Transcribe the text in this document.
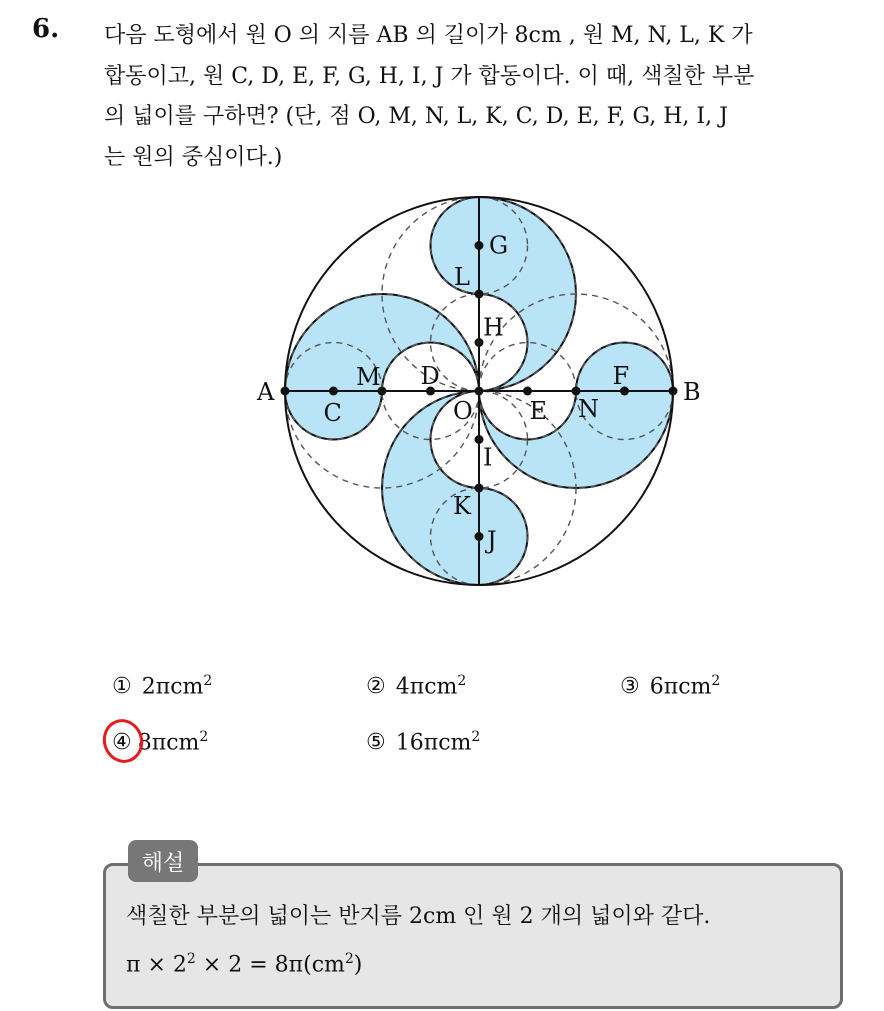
6. 다음 도형에서 원 O 의 지름 AB 의 길이가 8cm , 원 M, N, L, K 가
합동이고, 원 C, D, E, F, G, H, I, J 가 합동이다. 이 때, 색칠한 부분
의 넓이를 구하면? (단, 점 O, M, N, L, K, C, D, E, F, G, H, I, J
는 원의 중심이다.)
A	B
O
M
N
L
K
C
D
E
F
G
H
I
J
① 2πcm$^2$	② 4πcm$^2$	③ 6πcm$^2$
④ 8πcm$^2$	⑤ 16πcm$^2$
해설
색칠한 부분의 넓이는 반지름 2cm 인 원 2 개의 넓이와 같다.
$\pi \times 2^2 \times 2 = 8\pi(cm^2)$
